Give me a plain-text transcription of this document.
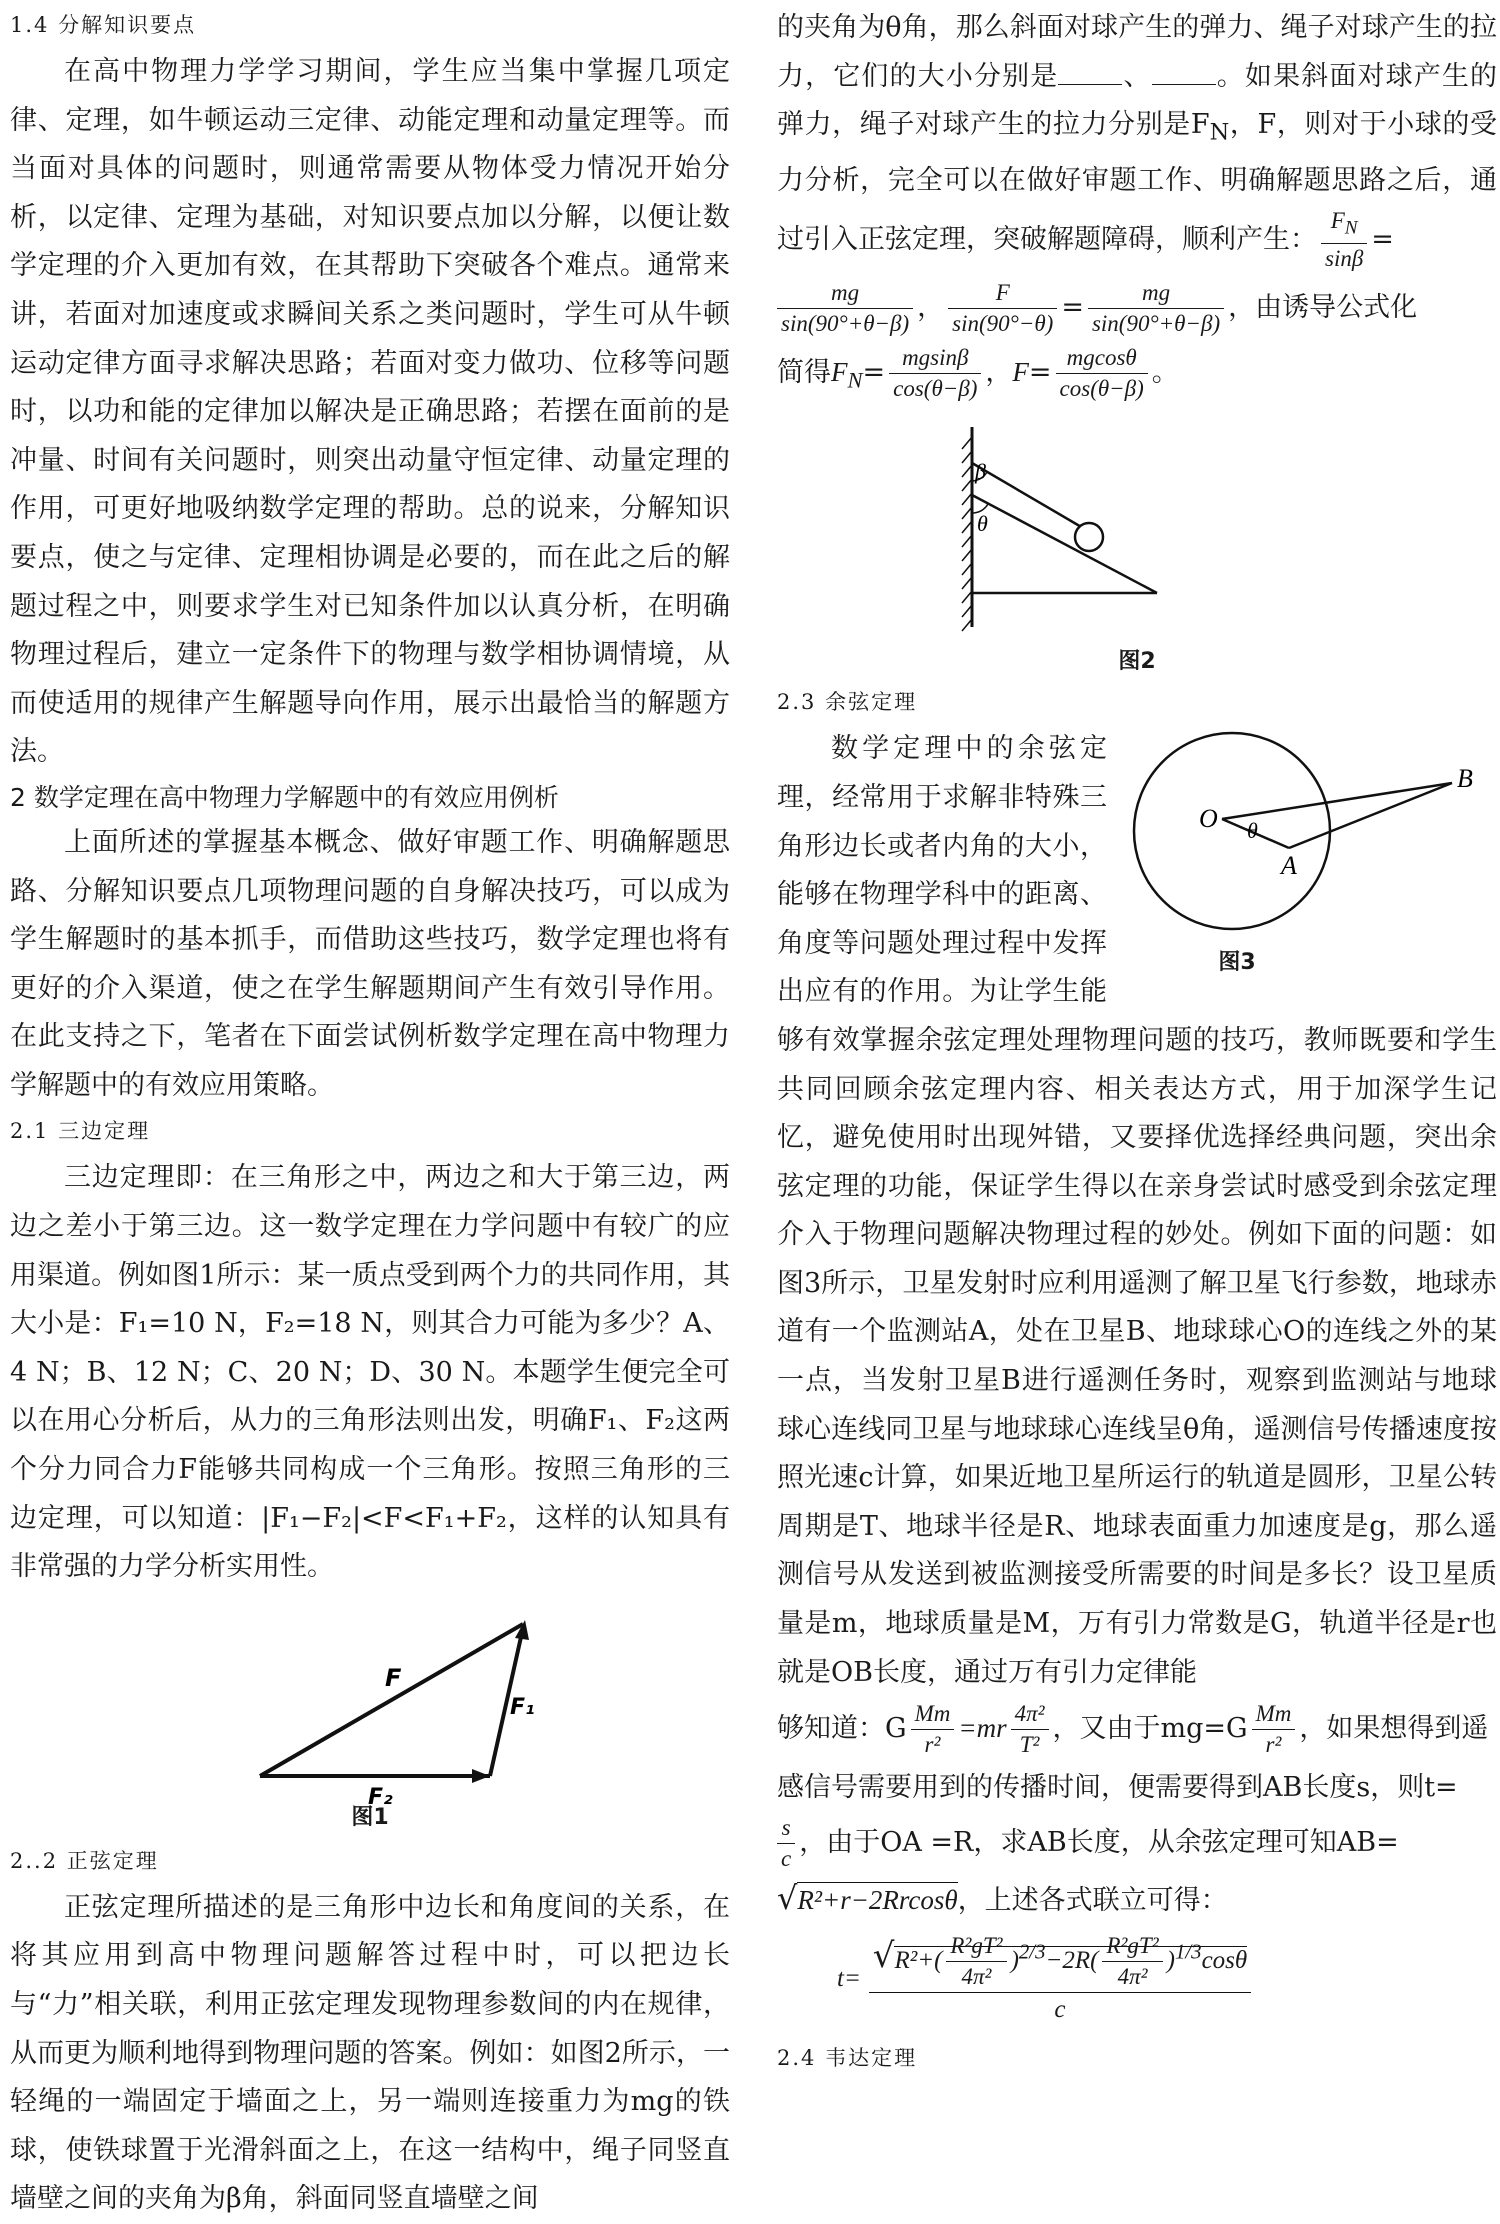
1.4 分解知识要点

在高中物理力学学习期间，学生应当集中掌握几项定律、定理，如牛顿运动三定律、动能定理和动量定理等。而当面对具体的问题时，则通常需要从物体受力情况开始分析，以定律、定理为基础，对知识要点加以分解，以便让数学定理的介入更加有效，在其帮助下突破各个难点。通常来讲，若面对加速度或求瞬间关系之类问题时，学生可从牛顿运动定律方面寻求解决思路；若面对变力做功、位移等问题时，以功和能的定律加以解决是正确思路；若摆在面前的是冲量、时间有关问题时，则突出动量守恒定律、动量定理的作用，可更好地吸纳数学定理的帮助。总的说来，分解知识要点，使之与定律、定理相协调是必要的，而在此之后的解题过程之中，则要求学生对已知条件加以认真分析，在明确物理过程后，建立一定条件下的物理与数学相协调情境，从而使适用的规律产生解题导向作用，展示出最恰当的解题方法。

2 数学定理在高中物理力学解题中的有效应用例析

上面所述的掌握基本概念、做好审题工作、明确解题思路、分解知识要点几项物理问题的自身解决技巧，可以成为学生解题时的基本抓手，而借助这些技巧，数学定理也将有更好的介入渠道，使之在学生解题期间产生有效引导作用。在此支持之下，笔者在下面尝试例析数学定理在高中物理力学解题中的有效应用策略。

2.1 三边定理

三边定理即：在三角形之中，两边之和大于第三边，两边之差小于第三边。这一数学定理在力学问题中有较广的应用渠道。例如图1所示：某一质点受到两个力的共同作用，其大小是：F₁=10 N，F₂=18 N，则其合力可能为多少？A、4 N；B、12 N；C、20 N；D、30 N。本题学生便完全可以在用心分析后，从力的三角形法则出发，明确F₁、F₂这两个分力同合力F能够共同构成一个三角形。按照三角形的三边定理，可以知道：|F₁−F₂|<F<F₁+F₂，这样的认知具有非常强的力学分析实用性。

F
F₁
F₂
图1
2..2 正弦定理

正弦定理所描述的是三角形中边长和角度间的关系，在将其应用到高中物理问题解答过程中时，可以把边长与“力”相关联，利用正弦定理发现物理参数间的内在规律，从而更为顺利地得到物理问题的答案。例如：如图2所示，一轻绳的一端固定于墙面之上，另一端则连接重力为mg的铁球，使铁球置于光滑斜面之上，在这一结构中，绳子同竖直墙壁之间的夹角为β角，斜面同竖直墙壁之间

的夹角为θ角，那么斜面对球产生的弹力、绳子对球产生的拉力，它们的大小分别是 、 。如果斜面对球产生的弹力，绳子对球产生的拉力分别是$F_N$，F，则对于小球的受力分析，完全可以在做好审题工作、明确解题思路之后，通过引入正弦定理，突破解题障碍，顺利产生： $\frac{F_N}{\sin\beta}$ =

$\frac{mg}{\sin(90^\circ+\theta-\beta)}$ ， $\frac{F}{\sin(90^\circ-\theta)} = \frac{mg}{\sin(90^\circ+\theta-\beta)}$ ，由诱导公式化
简得$F_N= \frac{mgsin\beta}{\cos(\theta-\beta)}$ ，$F= \frac{mgcos\theta}{\cos(\theta-\beta)}$ 。
β
θ
图2
2.3 余弦定理
O
B
A
θ
图3

数学定理中的余弦定理，经常用于求解非特殊三角形边长或者内角的大小，能够在物理学科中的距离、角度等问题处理过程中发挥出应有的作用。为让学生能够有效掌握余弦定理处理物理问题的技巧，教师既要和学生共同回顾余弦定理内容、相关表达方式，用于加深学生记忆，避免使用时出现舛错，又要择优选择经典问题，突出余弦定理的功能，保证学生得以在亲身尝试时感受到余弦定理介入于物理问题解决物理过程的妙处。例如下面的问题：如图3所示，卫星发射时应利用遥测了解卫星飞行参数，地球赤道有一个监测站A，处在卫星B、地球球心O的连线之外的某一点，当发射卫星B进行遥测任务时，观察到监测站与地球球心连线同卫星与地球球心连线呈θ角，遥测信号传播速度按照光速c计算，如果近地卫星所运行的轨道是圆形，卫星公转周期是T、地球半径是R、地球表面重力加速度是g，那么遥测信号从发送到被监测接受所需要的时间是多长？设卫星质量是m，地球质量是M，万有引力常数是G，轨道半径是r也就是OB长度，通过万有引力定律能

够知道：G $\frac{Mm}{\text{r²}} =mr \frac{\text{4π²}}{\text{T²}}$ ，又由于$mg=G \frac{Mm}{\text{r²}}$ ，如果想得到遥

感信号需要用到的传播时间，便需要得到AB长度s，则t=

$\frac{s}{c}$ ，由于OA =R，求AB长度，从余弦定理可知AB=
√R²+r−2Rrcosθ，上述各式联立可得：
$t= \frac{√R^2+( \frac{\text{R²gT²}}{\text{4π²}} )^{2/3}-2R( \frac{\text{R²gT²}}{\text{4π²}} )^{1/3}\cos\theta}{c}$
2.4 韦达定理
